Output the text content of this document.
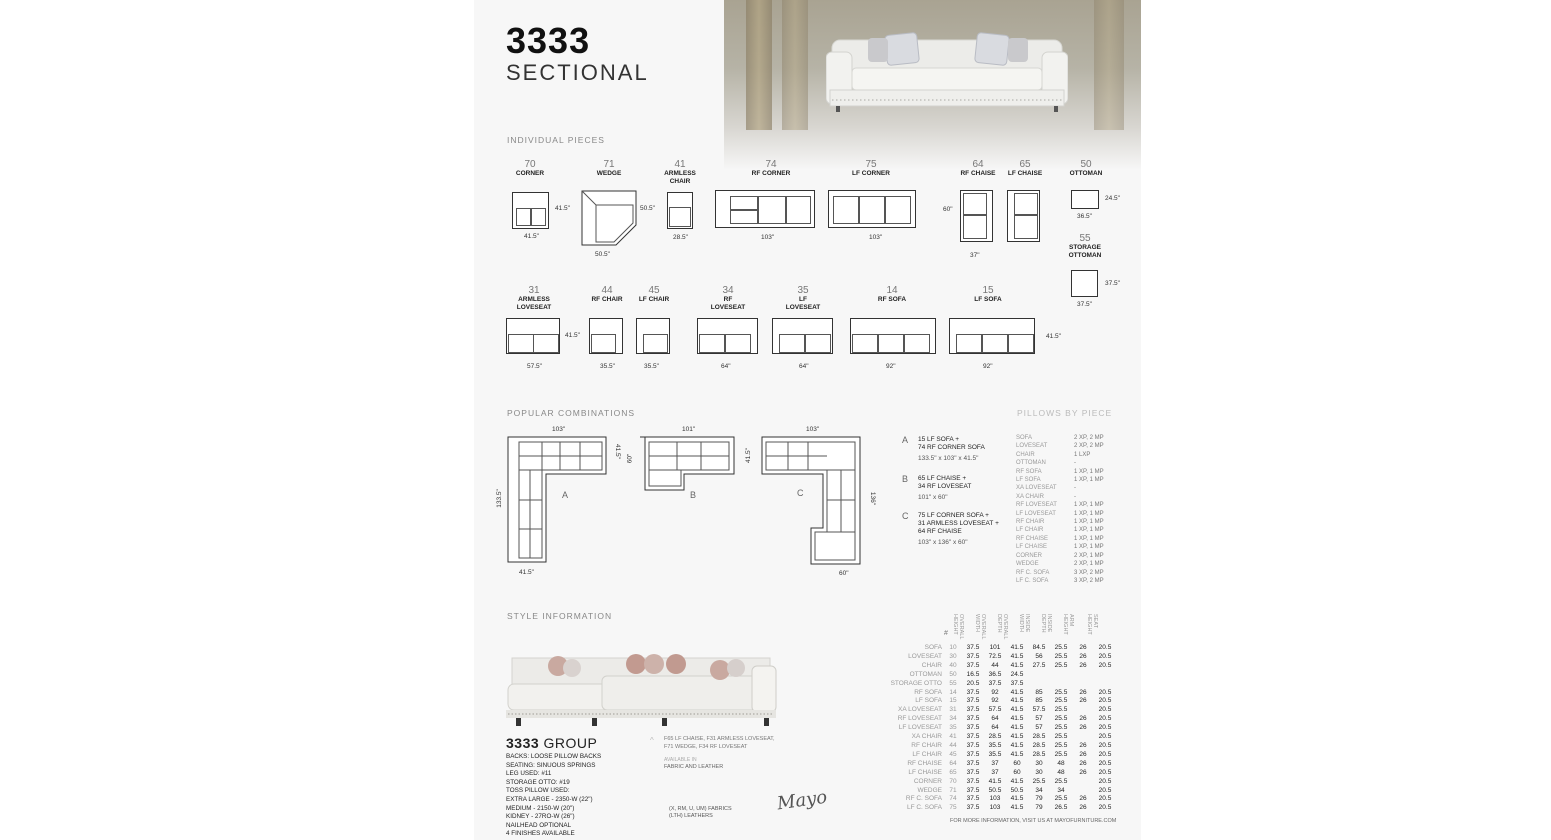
3333
SECTIONAL
INDIVIDUAL PIECES
70
CORNER
41.5"
41.5"
71
WEDGE
50.5"
50.5"
41
ARMLESS CHAIR
28.5"
74
RF CORNER
103"
75
LF CORNER
103"
64
RF CHAISE
60"
37"
65
LF CHAISE
50
OTTOMAN
24.5"
36.5"
55
STORAGE OTTOMAN
37.5"
37.5"
31
ARMLESS LOVESEAT
41.5"
57.5"
44
RF CHAIR
35.5"
45
LF CHAIR
35.5"
34
RF LOVESEAT
64"
35
LF LOVESEAT
64"
14
RF SOFA
92"
15
LF SOFA
41.5"
92"
POPULAR COMBINATIONS
103"
41.5"
133.5"
41.5"
A
101"
60"
B
103"
41.5"
136"
60"
C
A 15 LF SOFA +
74 RF CORNER SOFA
133.5" x 103" x 41.5"
B 65 LF CHAISE +
34 RF LOVESEAT
101" x 60"
C 75 LF CORNER SOFA +
31 ARMLESS LOVESEAT +
64 RF CHAISE
103" x 136" x 60"
PILLOWS BY PIECE
SOFA	2 XP, 2 MP
LOVESEAT	2 XP, 2 MP
CHAIR	1 LXP
OTTOMAN	-
RF SOFA	1 XP, 1 MP
LF SOFA	1 XP, 1 MP
XA LOVESEAT	-
XA CHAIR	-
RF LOVESEAT	1 XP, 1 MP
LF LOVESEAT	1 XP, 1 MP
RF CHAIR	1 XP, 1 MP
LF CHAIR	1 XP, 1 MP
RF CHAISE	1 XP, 1 MP
LF CHAISE	1 XP, 1 MP
CORNER	2 XP, 1 MP
WEDGE	2 XP, 1 MP
RF C. SOFA	3 XP, 2 MP
LF C. SOFA	3 XP, 2 MP
STYLE INFORMATION
3333 GROUP
BACKS: LOOSE PILLOW BACKS
SEATING: SINUOUS SPRINGS
LEG USED: #11
STORAGE OTTO: #19
TOSS PILLOW USED:
EXTRA LARGE - 2350-W (22")
MEDIUM - 2150-W (20")
KIDNEY - 27RO-W (26")
NAILHEAD OPTIONAL
4 FINISHES AVAILABLE
^ F65 LF CHAISE, F31 ARMLESS LOVESEAT,
F71 WEDGE, F34 RF LOVESEAT
AVAILABLE IN
FABRIC AND LEATHER
(X, RM, U, UM) FABRICS
(LTH) LEATHERS
Mayo
#	OVERALL HEIGHT	OVERALL WIDTH	OVERALL DEPTH	INSIDE WIDTH	INSIDE DEPTH	ARM HEIGHT	SEAT HEIGHT
SOFA	10	37.5	101	41.5	84.5	25.5	26	20.5
LOVESEAT	30	37.5	72.5	41.5	56	25.5	26	20.5
CHAIR	40	37.5	44	41.5	27.5	25.5	26	20.5
OTTOMAN	50	16.5	36.5	24.5				
STORAGE OTTO	55	20.5	37.5	37.5				
RF SOFA	14	37.5	92	41.5	85	25.5	26	20.5
LF SOFA	15	37.5	92	41.5	85	25.5	26	20.5
XA LOVESEAT	31	37.5	57.5	41.5	57.5	25.5		20.5
RF LOVESEAT	34	37.5	64	41.5	57	25.5	26	20.5
LF LOVESEAT	35	37.5	64	41.5	57	25.5	26	20.5
XA CHAIR	41	37.5	28.5	41.5	28.5	25.5		20.5
RF CHAIR	44	37.5	35.5	41.5	28.5	25.5	26	20.5
LF CHAIR	45	37.5	35.5	41.5	28.5	25.5	26	20.5
RF CHAISE	64	37.5	37	60	30	48	26	20.5
LF CHAISE	65	37.5	37	60	30	48	26	20.5
CORNER	70	37.5	41.5	41.5	25.5	25.5		20.5
WEDGE	71	37.5	50.5	50.5	34	34		20.5
RF C. SOFA	74	37.5	103	41.5	79	25.5	26	20.5
LF C. SOFA	75	37.5	103	41.5	79	26.5	26	20.5
FOR MORE INFORMATION, VISIT US AT MAYOFURNITURE.COM
